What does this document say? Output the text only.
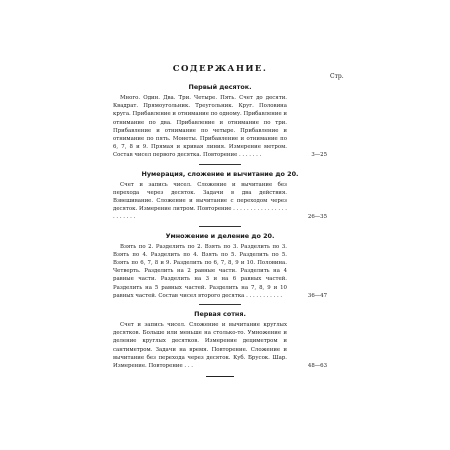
Стр.
СОДЕРЖАНИЕ.

Первый десяток.

Много. Один. Два. Три. Четыре. Пять. Счет до десяти. Квадрат. Прямоугольник. Треугольник. Круг. Половина круга. Прибавление и отнимание по одному. Прибавление и отнимание по два. Прибавление и отнимание по три. Прибавление и отнимание по четыре. Прибавление и отнимание по пять. Монеты. Прибавление и отнимание по 6, 7, 8 и 9. Прямая и кривая линия. Измерение метром. Состав чисел первого десятка. Повторение . . . . . . .	3—25

Нумерация, сложение и вычитание до 20.

Счет и запись чисел. Сложение и вычитание без перехода через десяток. Задачи в два действия. Взвешивание. Сложение и вычитание с переходом через десяток. Измерение литром. Повторение . . . . . . . . . . . . . . . . . . . . . . .	26—35

Умножение и деление до 20.

Взять по 2. Разделить по 2. Взять по 3. Разделить по 3. Взять по 4. Разделить по 4. Взять по 5. Разделить по 5. Взять по 6, 7, 8 и 9. Разделить по 6, 7, 8, 9 и 10. Половина. Четверть. Разделить на 2 равные части. Разделить на 4 равные части. Разделить на 3 и на 6 равных частей. Разделить на 5 равных частей. Разделить на 7, 8, 9 и 10 равных частей. Состав чисел второго десятка . . . . . . . . . . .	36—47

Первая сотня.

Счет и запись чисел. Сложение и вычитание круглых десятков. Больше или меньше на столько-то. Умножение и деление круглых десятков. Измерение дециметром и сантиметром. Задачи на время. Повторение. Сложение и вычитание без перехода через десяток. Куб. Брусок. Шар. Измерение. Повторение . . .	48—63
